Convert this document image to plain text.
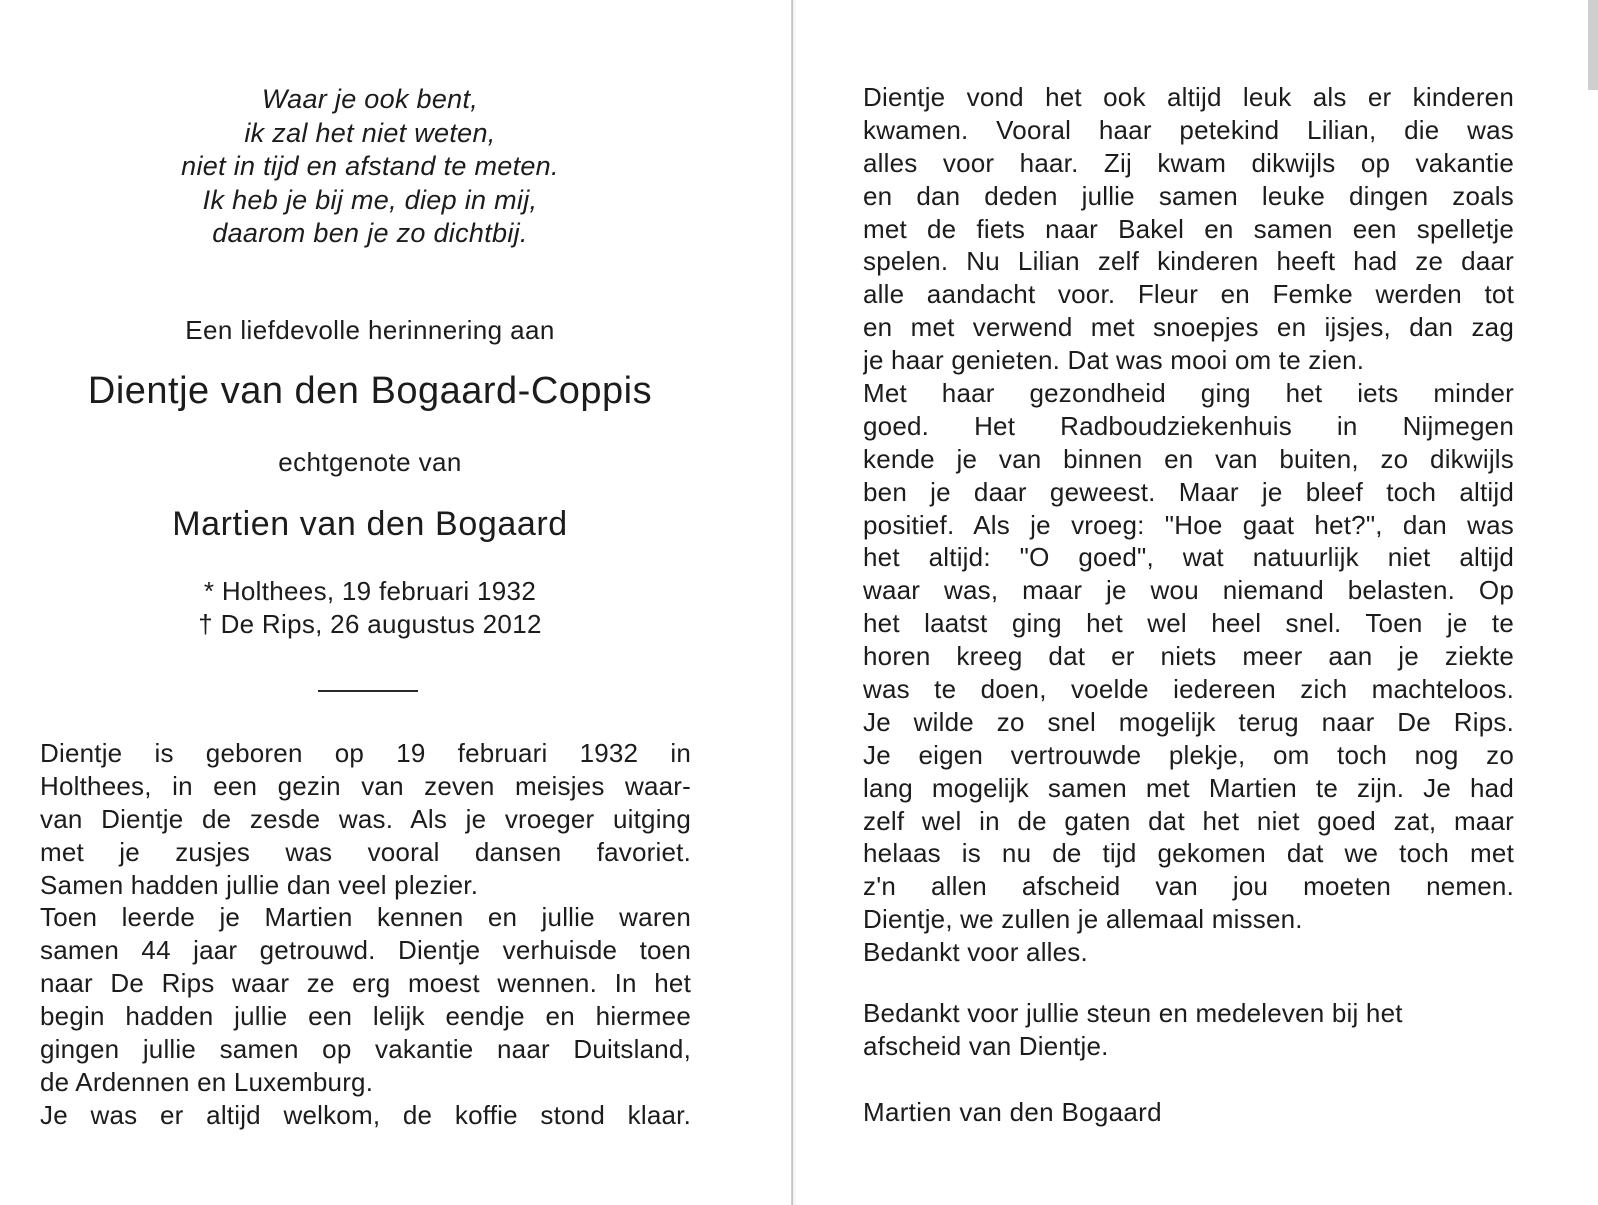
Waar je ook bent,
ik zal het niet weten,
niet in tijd en afstand te meten.
Ik heb je bij me, diep in mij,
daarom ben je zo dichtbij.
Een liefdevolle herinnering aan
Dientje van den Bogaard-Coppis
echtgenote van
Martien van den Bogaard
* Holthees, 19 februari 1932
† De Rips, 26 augustus 2012
Dientje is geboren op 19 februari 1932 in
Holthees, in een gezin van zeven meisjes waar-
van Dientje de zesde was. Als je vroeger uitging
met je zusjes was vooral dansen favoriet.
Samen hadden jullie dan veel plezier.
Toen leerde je Martien kennen en jullie waren
samen 44 jaar getrouwd. Dientje verhuisde toen
naar De Rips waar ze erg moest wennen. In het
begin hadden jullie een lelijk eendje en hiermee
gingen jullie samen op vakantie naar Duitsland,
de Ardennen en Luxemburg.
Je was er altijd welkom, de koffie stond klaar.
Dientje vond het ook altijd leuk als er kinderen
kwamen. Vooral haar petekind Lilian, die was
alles voor haar. Zij kwam dikwijls op vakantie
en dan deden jullie samen leuke dingen zoals
met de fiets naar Bakel en samen een spelletje
spelen. Nu Lilian zelf kinderen heeft had ze daar
alle aandacht voor. Fleur en Femke werden tot
en met verwend met snoepjes en ijsjes, dan zag
je haar genieten. Dat was mooi om te zien.
Met haar gezondheid ging het iets minder
goed. Het Radboudziekenhuis in Nijmegen
kende je van binnen en van buiten, zo dikwijls
ben je daar geweest. Maar je bleef toch altijd
positief. Als je vroeg: "Hoe gaat het?", dan was
het altijd: "O goed", wat natuurlijk niet altijd
waar was, maar je wou niemand belasten. Op
het laatst ging het wel heel snel. Toen je te
horen kreeg dat er niets meer aan je ziekte
was te doen, voelde iedereen zich machteloos.
Je wilde zo snel mogelijk terug naar De Rips.
Je eigen vertrouwde plekje, om toch nog zo
lang mogelijk samen met Martien te zijn. Je had
zelf wel in de gaten dat het niet goed zat, maar
helaas is nu de tijd gekomen dat we toch met
z'n allen afscheid van jou moeten nemen.
Dientje, we zullen je allemaal missen.
Bedankt voor alles.
Bedankt voor jullie steun en medeleven bij het
afscheid van Dientje.
Martien van den Bogaard
